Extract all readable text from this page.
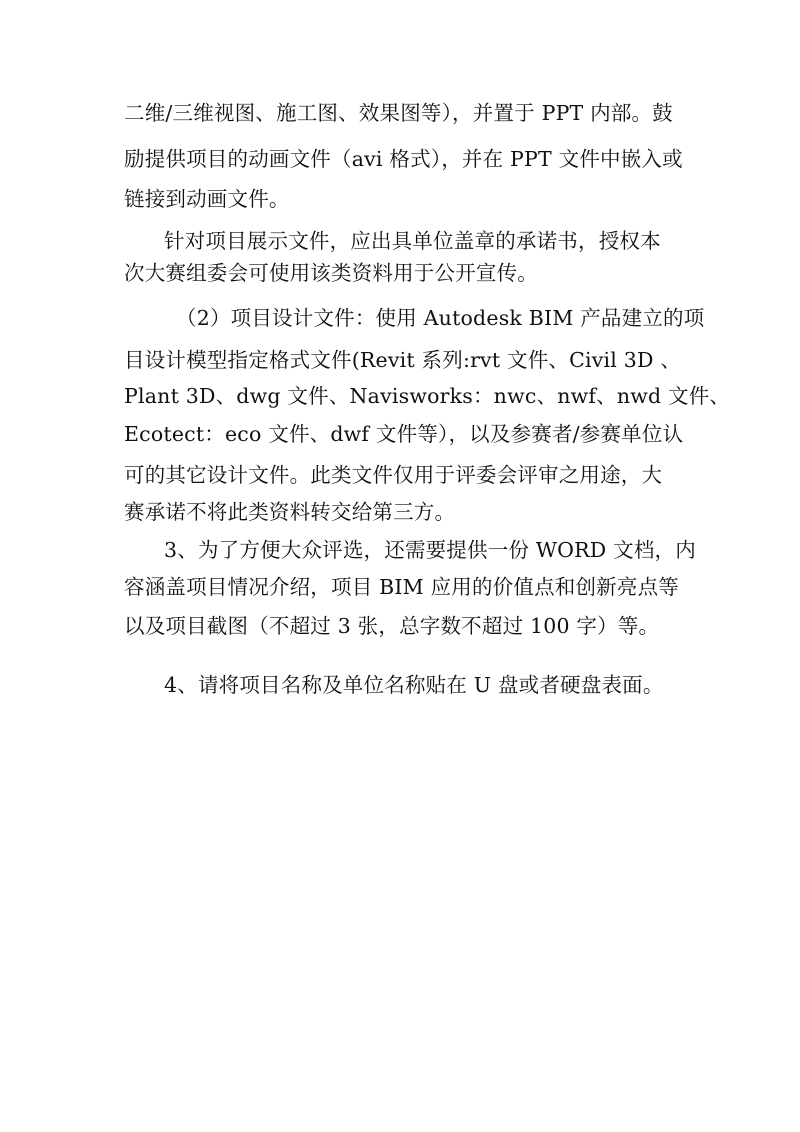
二维/三维视图、施工图、效果图等），并置于 PPT 内部。鼓

励提供项目的动画文件（avi 格式），并在 PPT 文件中嵌入或

链接到动画文件。

针对项目展示文件，应出具单位盖章的承诺书，授权本

次大赛组委会可使用该类资料用于公开宣传。

（2）项目设计文件：使用 Autodesk BIM 产品建立的项

目设计模型指定格式文件(Revit 系列:rvt 文件、Civil 3D 、

Plant 3D、dwg 文件、Navisworks：nwc、nwf、nwd 文件、

Ecotect：eco 文件、dwf 文件等），以及参赛者/参赛单位认

可的其它设计文件。此类文件仅用于评委会评审之用途，大

赛承诺不将此类资料转交给第三方。

3、为了方便大众评选，还需要提供一份 WORD 文档，内

容涵盖项目情况介绍，项目 BIM 应用的价值点和创新亮点等

以及项目截图（不超过 3 张，总字数不超过 100 字）等。

4、请将项目名称及单位名称贴在 U 盘或者硬盘表面。
